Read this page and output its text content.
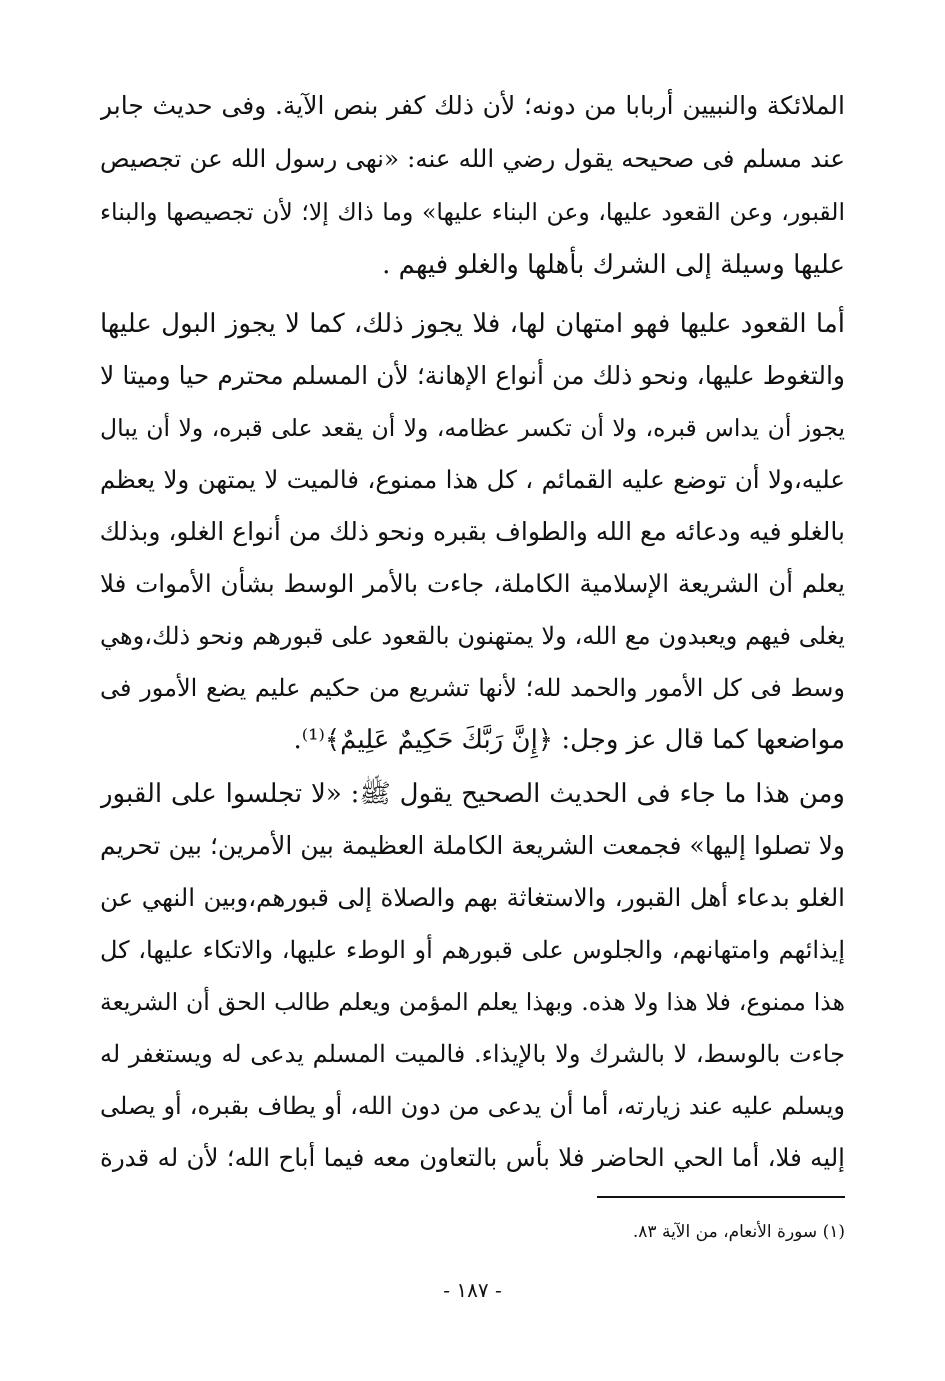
الملائكة والنبيين أربابا من دونه؛ لأن ذلك كفر بنص الآية. وفى حديث جابر
عند مسلم فى صحيحه يقول رضي الله عنه: «نهى رسول الله عن تجصيص
القبور، وعن القعود عليها، وعن البناء عليها» وما ذاك إلا؛ لأن تجصيصها والبناء
عليها وسيلة إلى الشرك بأهلها والغلو فيهم .
أما القعود عليها فهو امتهان لها، فلا يجوز ذلك، كما لا يجوز البول عليها
والتغوط عليها، ونحو ذلك من أنواع الإهانة؛ لأن المسلم محترم حيا وميتا لا
يجوز أن يداس قبره، ولا أن تكسر عظامه، ولا أن يقعد على قبره، ولا أن يبال
عليه،ولا أن توضع عليه القمائم ، كل هذا ممنوع، فالميت لا يمتهن ولا يعظم
بالغلو فيه ودعائه مع الله والطواف بقبره ونحو ذلك من أنواع الغلو، وبذلك
يعلم أن الشريعة الإسلامية الكاملة، جاءت بالأمر الوسط بشأن الأموات فلا
يغلى فيهم ويعبدون مع الله، ولا يمتهنون بالقعود على قبورهم ونحو ذلك،وهي
وسط فى كل الأمور والحمد لله؛ لأنها تشريع من حكيم عليم يضع الأمور فى
مواضعها كما قال عز وجل: ﴿إِنَّ رَبَّكَ حَكِيمٌ عَلِيمٌ﴾⁽¹⁾.
ومن هذا ما جاء فى الحديث الصحيح يقول ﷺ: «لا تجلسوا على القبور
ولا تصلوا إليها» فجمعت الشريعة الكاملة العظيمة بين الأمرين؛ بين تحريم
الغلو بدعاء أهل القبور، والاستغاثة بهم والصلاة إلى قبورهم،وبين النهي عن
إيذائهم وامتهانهم، والجلوس على قبورهم أو الوطء عليها، والاتكاء عليها، كل
هذا ممنوع، فلا هذا ولا هذه. وبهذا يعلم المؤمن ويعلم طالب الحق أن الشريعة
جاءت بالوسط، لا بالشرك ولا بالإيذاء. فالميت المسلم يدعى له ويستغفر له
ويسلم عليه عند زيارته، أما أن يدعى من دون الله، أو يطاف بقبره، أو يصلى
إليه فلا، أما الحي الحاضر فلا بأس بالتعاون معه فيما أباح الله؛ لأن له قدرة
(١) سورة الأنعام، من الآية ٨٣.
- ١٨٧ -
